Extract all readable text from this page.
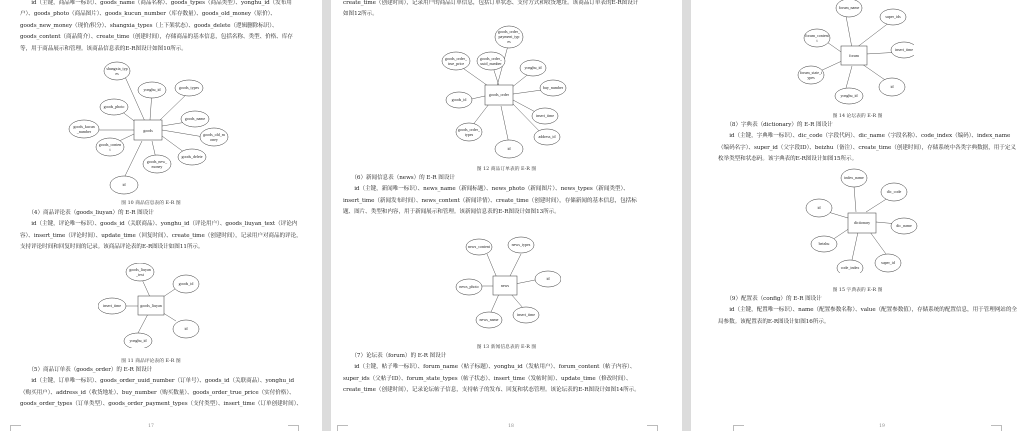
id（主键，商品唯一标识）、goods_name（商品名称）、goods_types（商品类型）、yonghu_id（发布用户）、goods_photo（商品图片）、goods_kucun_number（库存数量）、goods_old_money（原价）、goods_new_money（现价/积分）、shangxia_types（上下架状态）、goods_delete（逻辑删除标识）、goods_content（商品简介）、create_time（创建时间），存储商品的基本信息，包括名称、类型、价格、库存等，用于商品展示和管理。该商品信息表的E-R图设计如图10所示。

goods
shangxia_typ
es
yonghu_id	goods_types
goods_photo
goods_name
goods_kucun
_number
goods_old_m
oney
goods_conten
t
goods_new_
money
goods_delete
id
图 10 商品信息表的 E-R 图

（4）商品评论表（goods_liuyan）的 E-R 图设计

id（主键，评论唯一标识）、goods_id（关联商品）、yonghu_id（评论用户）、goods_liuyan_text（评论内容）、insert_time（评论时间）、update_time（回复时间）、create_time（创建时间），记录用户对商品的评论，支持评论时间和回复时间的记录。该商品评论表的E-R图设计如图11所示。

goods_liuyan
goods_liuyan
_text
goods_id
insert_time
id
yonghu_id
图 11 商品评论表的 E-R 图

（5）商品订单表（goods_order）的 E-R 图设计

id（主键，订单唯一标识）、goods_order_uuid_number（订单号）、goods_id（关联商品）、yonghu_id（购买用户）、address_id（收货地址）、buy_number（购买数量）、goods_order_true_price（实付价格）、goods_order_types（订单类型）、goods_order_payment_types（支付类型）、insert_time（订单创建时间）、

17

create_time（创建时间），记录用户的商品订单信息，包括订单状态、支付方式和收货地址。该商品订单表的E-R图设计如图12所示。

goods_order
goods_order_
payment_typ
es
goods_order_
true_price
goods_order_
uuid_number
yonghu_id
buy_number
goods_id
insert_time
goods_order_
types	address_id
id
图 12 商品订单表的 E-R 图

（6）新闻信息表（news）的 E-R 图设计

id（主键，新闻唯一标识）、news_name（新闻标题）、news_photo（新闻图片）、news_types（新闻类型）、insert_time（新闻发布时间）、news_content（新闻详情）、create_time（创建时间），存储新闻的基本信息，包括标题、图片、类型和内容，用于新闻展示和管理。该新闻信息表的E-R图设计如图13所示。

news
news_content	news_types
id
news_photo
news_name
insert_time
图 13 新闻信息表的 E-R 图

（7）论坛表（forum）的 E-R 图设计

id（主键，帖子唯一标识）、forum_name（帖子标题）、yonghu_id（发帖用户）、forum_content（帖子内容）、super_ids（父帖子ID）、forum_state_types（帖子状态）、insert_time（发帖时间）、update_time（修改时间）、create_time（创建时间），记录论坛帖子信息，支持帖子的发布、回复和状态管理。该论坛表的E-R图设计如图14所示。

18
forum
forum_name
super_ids
forum_content
t
insert_time
forum_state_t
ypes
id
yonghu_id
图 14 论坛表的 E-R 图

（8）字典表（dictionary）的 E-R 图设计

id（主键，字典唯一标识）、dic_code（字段代码）、dic_name（字段名称）、code_index（编码）、index_name（编码名字）、super_id（父字段ID）、beizhu（备注）、create_time（创建时间），存储系统中各类字典数据，用于定义枚举类型和状态码。该字典表的E-R图设计如图15所示。

dictionary
index_name
dic_code
id
dic_name
beizhu
super_id
code_index
图 15 字典表的 E-R 图

（9）配置表（config）的 E-R 图设计

id（主键，配置唯一标识）、name（配置参数名称）、value（配置参数值），存储系统的配置信息，用于管理网站的全局参数。该配置表的E-R图设计如图16所示。

19
